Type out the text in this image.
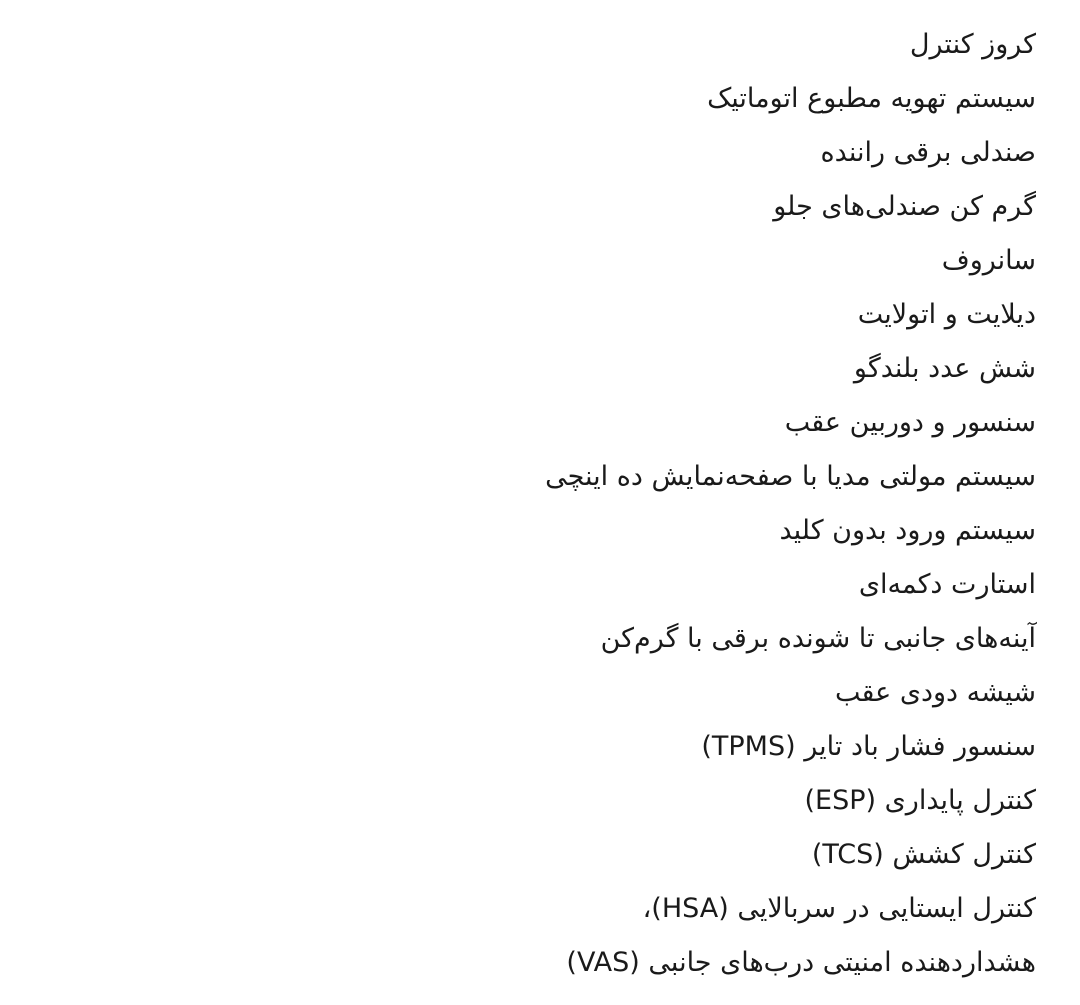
کروز کنترل
سیستم تهویه مطبوع اتوماتیک
صندلی برقی راننده
گرم کن صندلی‌های جلو
سانروف
دیلایت و اتولایت
شش عدد بلندگو
سنسور و دوربین عقب
سیستم مولتی مدیا با صفحه‌نمایش ده اینچی
سیستم ورود بدون کلید
استارت دکمه‌ای
آینه‌های جانبی تا شونده برقی با گرم‌کن
شیشه دودی عقب
سنسور فشار باد تایر (TPMS)
کنترل پایداری (ESP)
کنترل کشش (TCS)
کنترل ایستایی در سربالایی (HSA)،
هشداردهنده امنیتی درب‌های جانبی (VAS)
